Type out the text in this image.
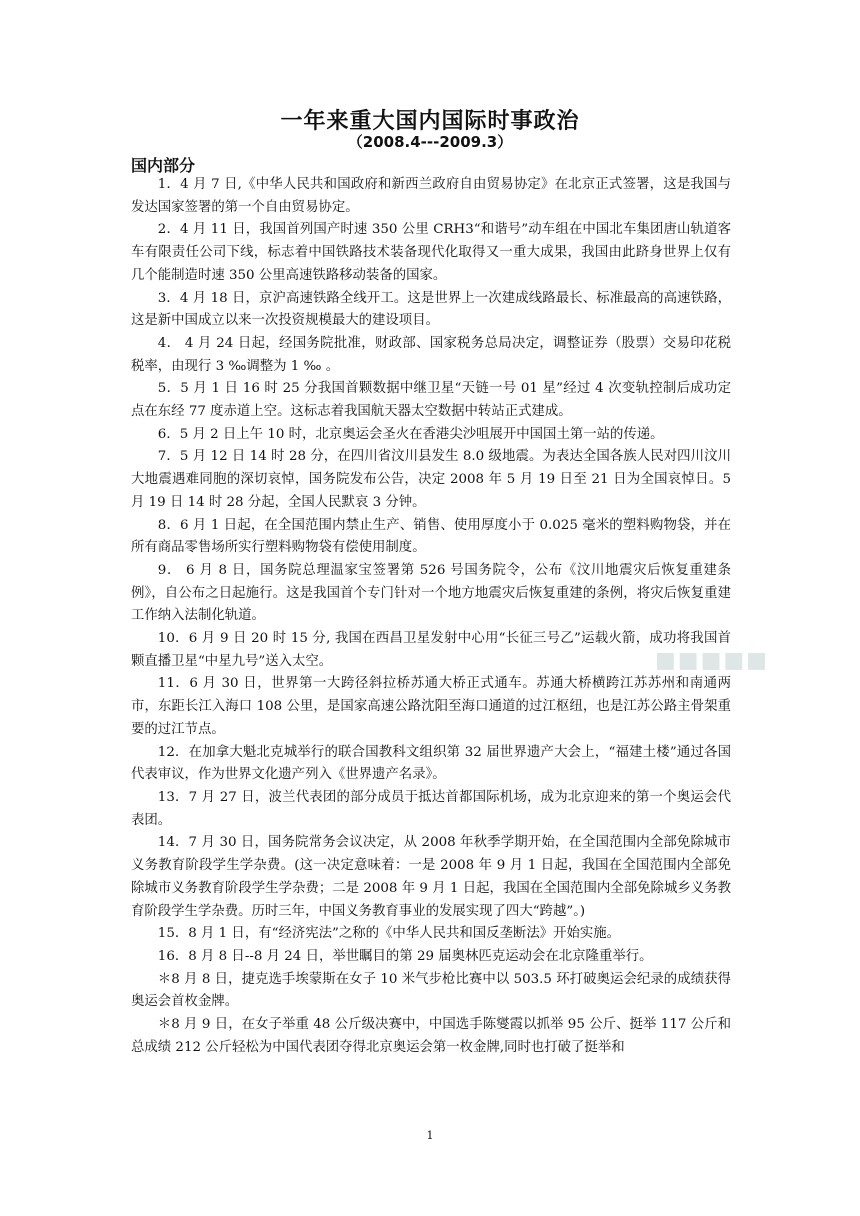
一年来重大国内国际时事政治
（2008.4---2009.3）
国内部分

1．4 月 7 日,《中华人民共和国政府和新西兰政府自由贸易协定》在北京正式签署，这是我国与发达国家签署的第一个自由贸易协定。

2．4 月 11 日，我国首列国产时速 350 公里 CRH3“和谐号”动车组在中国北车集团唐山轨道客车有限责任公司下线，标志着中国铁路技术装备现代化取得又一重大成果，我国由此跻身世界上仅有几个能制造时速 350 公里高速铁路移动装备的国家。

3．4 月 18 日，京沪高速铁路全线开工。这是世界上一次建成线路最长、标准最高的高速铁路，这是新中国成立以来一次投资规模最大的建设项目。

4． 4 月 24 日起，经国务院批准，财政部、国家税务总局决定，调整证券（股票）交易印花税税率，由现行 3 ‰调整为 1 ‰ 。

5．5 月 1 日 16 时 25 分我国首颗数据中继卫星“天链一号 01 星”经过 4 次变轨控制后成功定点在东经 77 度赤道上空。这标志着我国航天器太空数据中转站正式建成。

6．5 月 2 日上午 10 时，北京奥运会圣火在香港尖沙咀展开中国国土第一站的传递。

7．5 月 12 日 14 时 28 分，在四川省汶川县发生 8.0 级地震。为表达全国各族人民对四川汶川大地震遇难同胞的深切哀悼，国务院发布公告，决定 2008 年 5 月 19 日至 21 日为全国哀悼日。5 月 19 日 14 时 28 分起，全国人民默哀 3 分钟。

8．6 月 1 日起，在全国范围内禁止生产、销售、使用厚度小于 0.025 毫米的塑料购物袋，并在所有商品零售场所实行塑料购物袋有偿使用制度。

9． 6 月 8 日，国务院总理温家宝签署第 526 号国务院令，公布《汶川地震灾后恢复重建条例》，自公布之日起施行。这是我国首个专门针对一个地方地震灾后恢复重建的条例，将灾后恢复重建工作纳入法制化轨道。

10．6 月 9 日 20 时 15 分, 我国在西昌卫星发射中心用“长征三号乙”运载火箭，成功将我国首颗直播卫星“中星九号”送入太空。

11．6 月 30 日，世界第一大跨径斜拉桥苏通大桥正式通车。苏通大桥横跨江苏苏州和南通两市，东距长江入海口 108 公里，是国家高速公路沈阳至海口通道的过江枢纽，也是江苏公路主骨架重要的过江节点。

12．在加拿大魁北克城举行的联合国教科文组织第 32 届世界遗产大会上，“福建土楼”通过各国代表审议，作为世界文化遗产列入《世界遗产名录》。

13．7 月 27 日，波兰代表团的部分成员于抵达首都国际机场，成为北京迎来的第一个奥运会代表团。

14．7 月 30 日，国务院常务会议决定，从 2008 年秋季学期开始，在全国范围内全部免除城市义务教育阶段学生学杂费。(这一决定意味着：一是 2008 年 9 月 1 日起，我国在全国范围内全部免除城市义务教育阶段学生学杂费；二是 2008 年 9 月 1 日起，我国在全国范围内全部免除城乡义务教育阶段学生学杂费。历时三年，中国义务教育事业的发展实现了四大“跨越”。)

15．8 月 1 日，有“经济宪法”之称的《中华人民共和国反垄断法》开始实施。

16．8 月 8 日--8 月 24 日，举世瞩目的第 29 届奥林匹克运动会在北京隆重举行。

＊8 月 8 日，捷克选手埃蒙斯在女子 10 米气步枪比赛中以 503.5 环打破奥运会纪录的成绩获得奥运会首枚金牌。

＊8 月 9 日，在女子举重 48 公斤级决赛中，中国选手陈燮霞以抓举 95 公斤、挺举 117 公斤和总成绩 212 公斤轻松为中国代表团夺得北京奥运会第一枚金牌,同时也打破了挺举和

■■■■■
1
